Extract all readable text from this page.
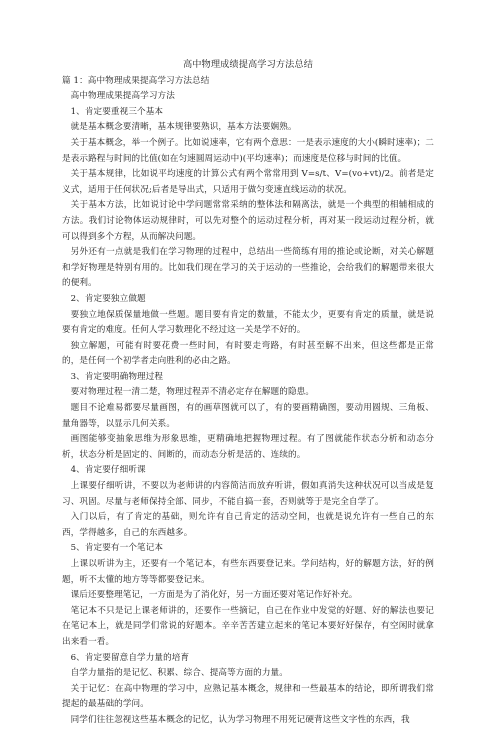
高中物理成绩提高学习方法总结

篇 1：高中物理成果提高学习方法总结

高中物理成果提高学习方法

1、肯定要重视三个基本

就是基本概念要清晰，基本规律要熟识，基本方法要娴熟。

关于基本概念，举一个例子。比如说速率，它有两个意思：一是表示速度的大小(瞬时速率)；二是表示路程与时间的比值(如在匀速圆周运动中)(平均速率)；而速度是位移与时间的比值。

关于基本规律，比如说平均速度的计算公式有两个常常用到 V=s/t、V=(vo+vt)/2。前者是定义式，适用于任何状况;后者是导出式，只适用于做匀变速直线运动的状况。

关于基本方法，比如说讨论中学问题常常采纳的整体法和隔离法，就是一个典型的相辅相成的方法。我们讨论物体运动规律时，可以先对整个的运动过程分析，再对某一段运动过程分析，就可以得到多个方程，从而解决问题。

另外还有一点就是我们在学习物理的过程中，总结出一些简练有用的推论或论断，对关心解题和学好物理是特别有用的。比如我们现在学习的关于运动的一些推论，会给我们的解题带来很大的便利。

2、肯定要独立做题

要独立地保质保量地做一些题。题目要有肯定的数量，不能太少，更要有肯定的质量，就是说要有肯定的难度。任何人学习数理化不经过这一关是学不好的。

独立解题，可能有时要花费一些时间，有时要走弯路，有时甚至解不出来，但这些都是正常的，是任何一个初学者走向胜利的必由之路。

3、肯定要明确物理过程

要对物理过程一清二楚，物理过程弄不清必定存在解题的隐患。

题目不论难易都要尽量画图，有的画草图就可以了，有的要画精确图，要动用圆规、三角板、量角器等，以显示几何关系。

画图能够变抽象思维为形象思维，更精确地把握物理过程。有了图就能作状态分析和动态分析，状态分析是固定的、间断的，而动态分析是活的、连续的。

4、肯定要仔细听课

上课要仔细听讲，不要以为老师讲的内容简洁而放弃听讲，假如真消失这种状况可以当成是复习、巩固。尽量与老师保持全部、同步，不能自搞一套，否则就等于是完全自学了。

入门以后，有了肯定的基础，则允许有自己肯定的活动空间，也就是说允许有一些自己的东西，学得越多，自己的东西越多。

5、肯定要有一个笔记本

上课以听讲为主，还要有一个笔记本，有些东西要登记来。学问结构，好的解题方法，好的例题，听不太懂的地方等等都要登记来。

课后还要整理笔记，一方面是为了消化好，另一方面还要对笔记作好补充。

笔记本不只是记上课老师讲的，还要作一些摘记，自己在作业中发觉的好题、好的解法也要记在笔记本上，就是同学们常说的好题本。辛辛苦苦建立起来的笔记本要好好保存，有空闲时就拿出来看一看。

6、肯定要留意自学力量的培育

自学力量指的是记忆、积累、综合、提高等方面的力量。

关于记忆：在高中物理的学习中，应熟记基本概念，规律和一些最基本的结论，即所谓我们常提起的最基础的学问。

同学们往往忽视这些基本概念的记忆，认为学习物理不用死记硬背这些文字性的东西，我
